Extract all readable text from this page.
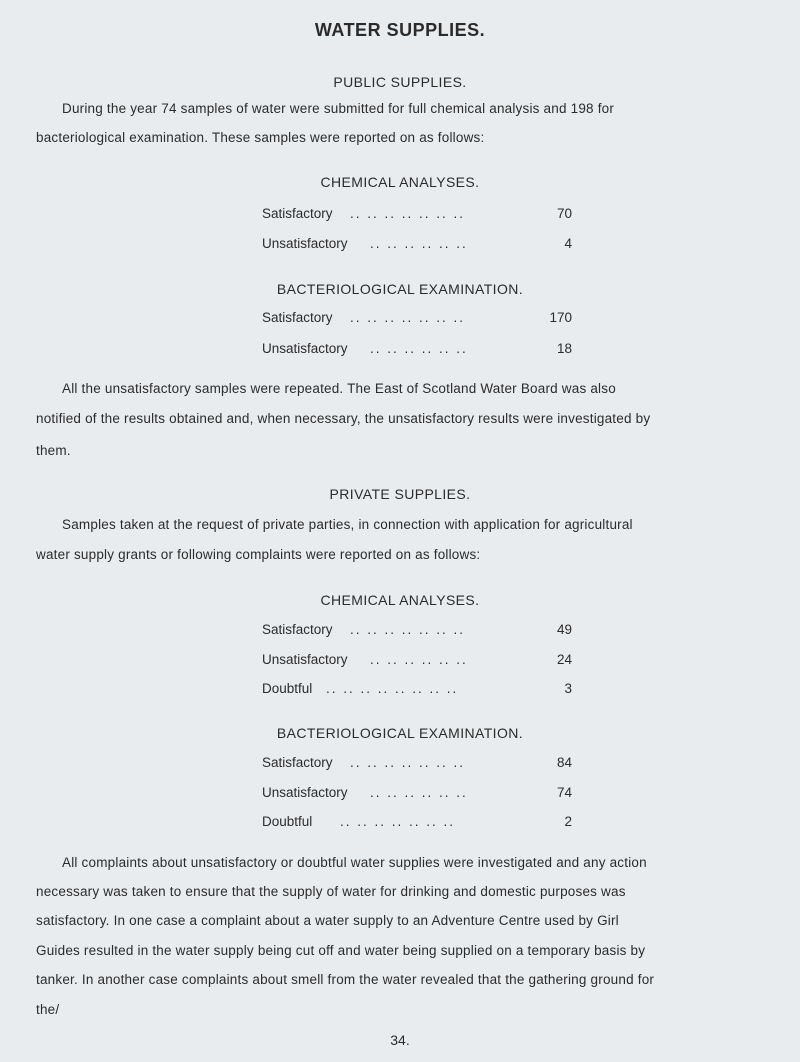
WATER SUPPLIES.
PUBLIC SUPPLIES.
During the year 74 samples of water were submitted for full chemical analysis and 198 for
bacteriological examination. These samples were reported on as follows:
CHEMICAL ANALYSES.
Satisfactory .. .. .. .. .. .. ..	70
Unsatisfactory .. .. .. .. .. ..	4
BACTERIOLOGICAL EXAMINATION.
Satisfactory .. .. .. .. .. .. ..	170
Unsatisfactory .. .. .. .. .. ..	18
All the unsatisfactory samples were repeated. The East of Scotland Water Board was also
notified of the results obtained and, when necessary, the unsatisfactory results were investigated by
them.
PRIVATE SUPPLIES.
Samples taken at the request of private parties, in connection with application for agricultural
water supply grants or following complaints were reported on as follows:
CHEMICAL ANALYSES.
Satisfactory .. .. .. .. .. .. ..	49
Unsatisfactory .. .. .. .. .. ..	24
Doubtful .. .. .. .. .. .. .. ..	3
BACTERIOLOGICAL EXAMINATION.
Satisfactory .. .. .. .. .. .. ..	84
Unsatisfactory .. .. .. .. .. ..	74
Doubtful .. .. .. .. .. .. ..	2
All complaints about unsatisfactory or doubtful water supplies were investigated and any action
necessary was taken to ensure that the supply of water for drinking and domestic purposes was
satisfactory. In one case a complaint about a water supply to an Adventure Centre used by Girl
Guides resulted in the water supply being cut off and water being supplied on a temporary basis by
tanker. In another case complaints about smell from the water revealed that the gathering ground for
the/
34.
